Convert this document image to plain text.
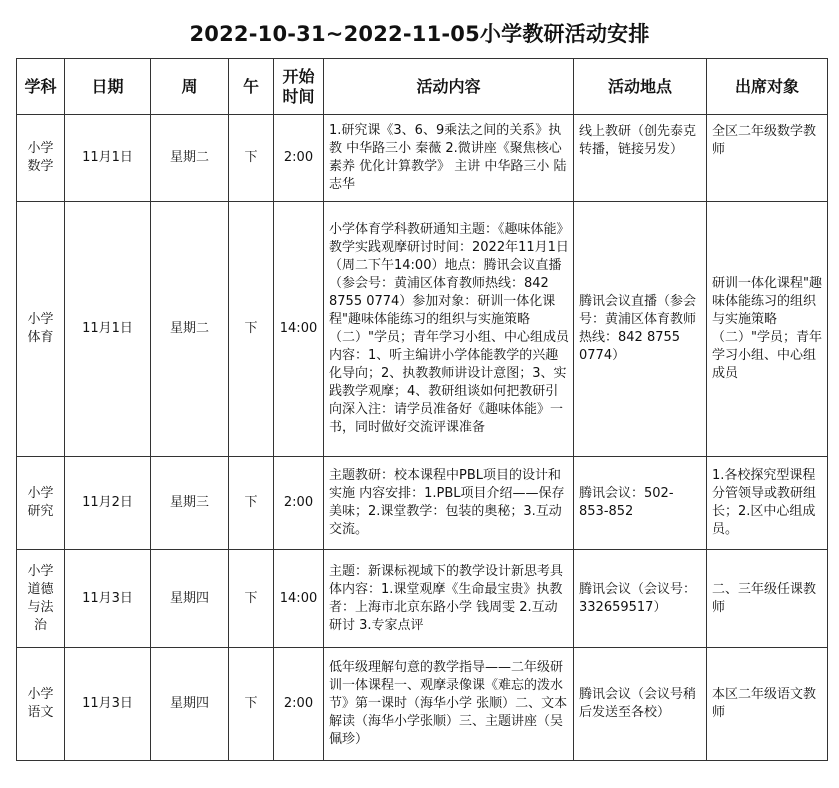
2022-10-31~2022-11-05小学教研活动安排
学科	日期	周	午	开始时间	活动内容	活动地点	出席对象
小学数学	11月1日	星期二	下	2:00	1.研究课《3、6、9乘法之间的关系》执教 中华路三小 秦薇 2.微讲座《聚焦核心素养 优化计算教学》 主讲 中华路三小 陆志华	线上教研（创先泰克转播，链接另发）	全区二年级数学教师
小学体育	11月1日	星期二	下	14:00	小学体育学科教研通知主题：《趣味体能》教学实践观摩研讨时间：2022年11月1日（周二下午14:00）地点：腾讯会议直播（参会号：黄浦区体育教师热线：842 8755 0774）参加对象：研训一体化课程"趣味体能练习的组织与实施策略（二）"学员；青年学习小组、中心组成员内容：1、听主编讲小学体能教学的兴趣化导向；2、执教教师讲设计意图；3、实践教学观摩；4、教研组谈如何把教研引向深入注：请学员准备好《趣味体能》一书，同时做好交流评课准备	腾讯会议直播（参会号：黄浦区体育教师热线：842 8755 0774）	研训一体化课程"趣味体能练习的组织与实施策略（二）"学员；青年学习小组、中心组成员
小学研究	11月2日	星期三	下	2:00	主题教研：校本课程中PBL项目的设计和实施 内容安排：1.PBL项目介绍——保存美味；2.课堂教学：包装的奥秘；3.互动交流。	腾讯会议：502-853-852	1.各校探究型课程分管领导或教研组长；2.区中心组成员。
小学道德与法治	11月3日	星期四	下	14:00	主题：新课标视域下的教学设计新思考具体内容：1.课堂观摩《生命最宝贵》执教者：上海市北京东路小学 钱周雯 2.互动研讨 3.专家点评	腾讯会议（会议号：332659517）	二、三年级任课教师
小学语文	11月3日	星期四	下	2:00	低年级理解句意的教学指导——二年级研训一体课程一、观摩录像课《难忘的泼水节》第一课时（海华小学 张顺）二、文本解读（海华小学张顺）三、主题讲座（吴佩珍）	腾讯会议（会议号稍后发送至各校）	本区二年级语文教师
